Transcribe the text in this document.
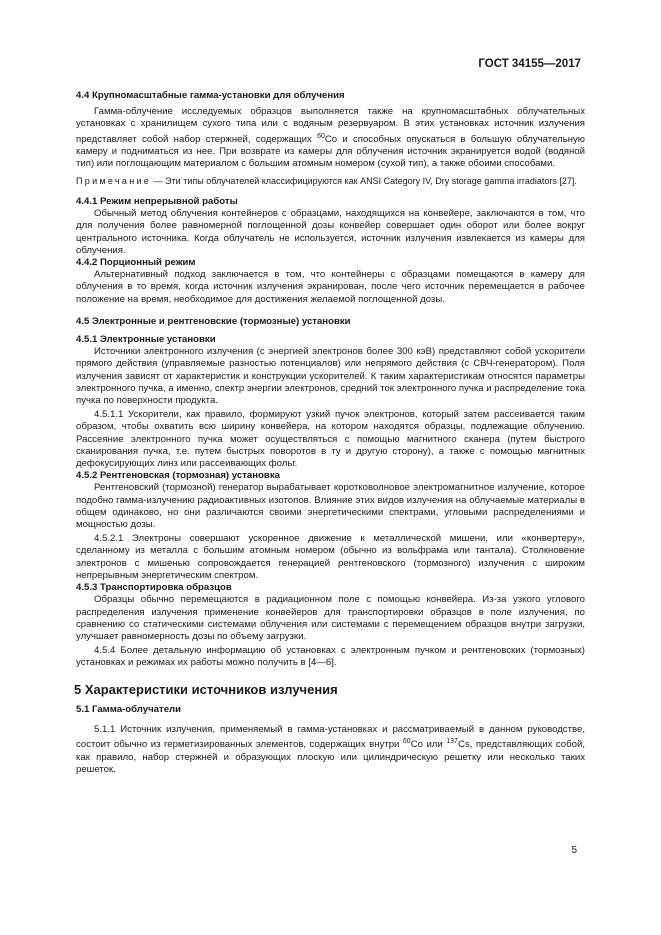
ГОСТ 34155—2017
4.4 Крупномасштабные гамма-установки для облучения

Гамма-облучение исследуемых образцов выполняется также на крупномасштабных облучательных установках с хранилищем сухого типа или с водяным резервуаром. В этих установках источник излучения представляет собой набор стержней, содержащих $^{60}$Co и способных опускаться в большую облучательную камеру и подниматься из нее. При возврате из камеры для облучения источник экранируется водой (водяной тип) или поглощающим материалом с большим атомным номером (сухой тип), а также обоими способами.

Примечание — Эти типы облучателей классифицируются как ANSI Category IV, Dry storage gamma irradiators [27].

4.4.1 Режим непрерывной работы

Обычный метод облучения контейнеров с образцами, находящихся на конвейере, заключаются в том, что для получения более равномерной поглощенной дозы конвейер совершает один оборот или более вокруг центрального источника. Когда облучатель не используется, источник излучения извлекается из камеры для облучения.

4.4.2 Порционный режим

Альтернативный подход заключается в том, что контейнеры с образцами помещаются в камеру для облучения в то время, когда источник излучения экранирован, после чего источник перемещается в рабочее положение на время, необходимое для достижения желаемой поглощенной дозы.

4.5 Электронные и рентгеновские (тормозные) установки
4.5.1 Электронные установки

Источники электронного излучения (с энергией электронов более 300 кэВ) представляют собой ускорители прямого действия (управляемые разностью потенциалов) или непрямого действия (с СВЧ-генератором). Поля излучения зависят от характеристик и конструкции ускорителей. К таким характеристикам относятся параметры электронного пучка, а именно, спектр энергии электронов, средний ток электронного пучка и распределение тока пучка по поверхности продукта.

4.5.1.1 Ускорители, как правило, формируют узкий пучок электронов, который затем рассеивается таким образом, чтобы охватить всю ширину конвейера, на котором находятся образцы, подлежащие облучению. Рассеяние электронного пучка может осуществляться с помощью магнитного сканера (путем быстрого сканирования пучка, т.е. путем быстрых поворотов в ту и другую сторону), а также с помощью магнитных дефокусирующих линз или рассеивающих фольг.

4.5.2 Рентгеновская (тормозная) установка

Рентгеновский (тормозной) генератор вырабатывает коротковолновое электромагнитное излучение, которое подобно гамма-излучению радиоактивных изотопов. Влияние этих видов излучения на облучаемые материалы в общем одинаково, но они различаются своими энергетическими спектрами, угловыми распределениями и мощностью дозы.

4.5.2.1 Электроны совершают ускоренное движение к металлической мишени, или «конвертеру», сделанному из металла с большим атомным номером (обычно из вольфрама или тантала). Столкновение электронов с мишенью сопровождается генерацией рентгеновского (тормозного) излучения с широким непрерывным энергетическим спектром.

4.5.3 Транспортировка образцов

Образцы обычно перемещаются в радиационном поле с помощью конвейера. Из-за узкого углового распределения излучения применение конвейеров для транспортировки образцов в поле излучения, по сравнению со статическими системами облучения или системами с перемещением образцов внутри загрузки, улучшает равномерность дозы по объему загрузки.

4.5.4 Более детальную информацию об установках с электронным пучком и рентгеновских (тормозных) установках и режимах их работы можно получить в [4—6].

5 Характеристики источников излучения
5.1 Гамма-облучатели

5.1.1 Источник излучения, применяемый в гамма-установках и рассматриваемый в данном руководстве, состоит обычно из герметизированных элементов, содержащих внутри $^{60}$Co или $^{137}$Cs, представляющих собой, как правило, набор стержней и образующих плоскую или цилиндрическую решетку или несколько таких решеток.

5
